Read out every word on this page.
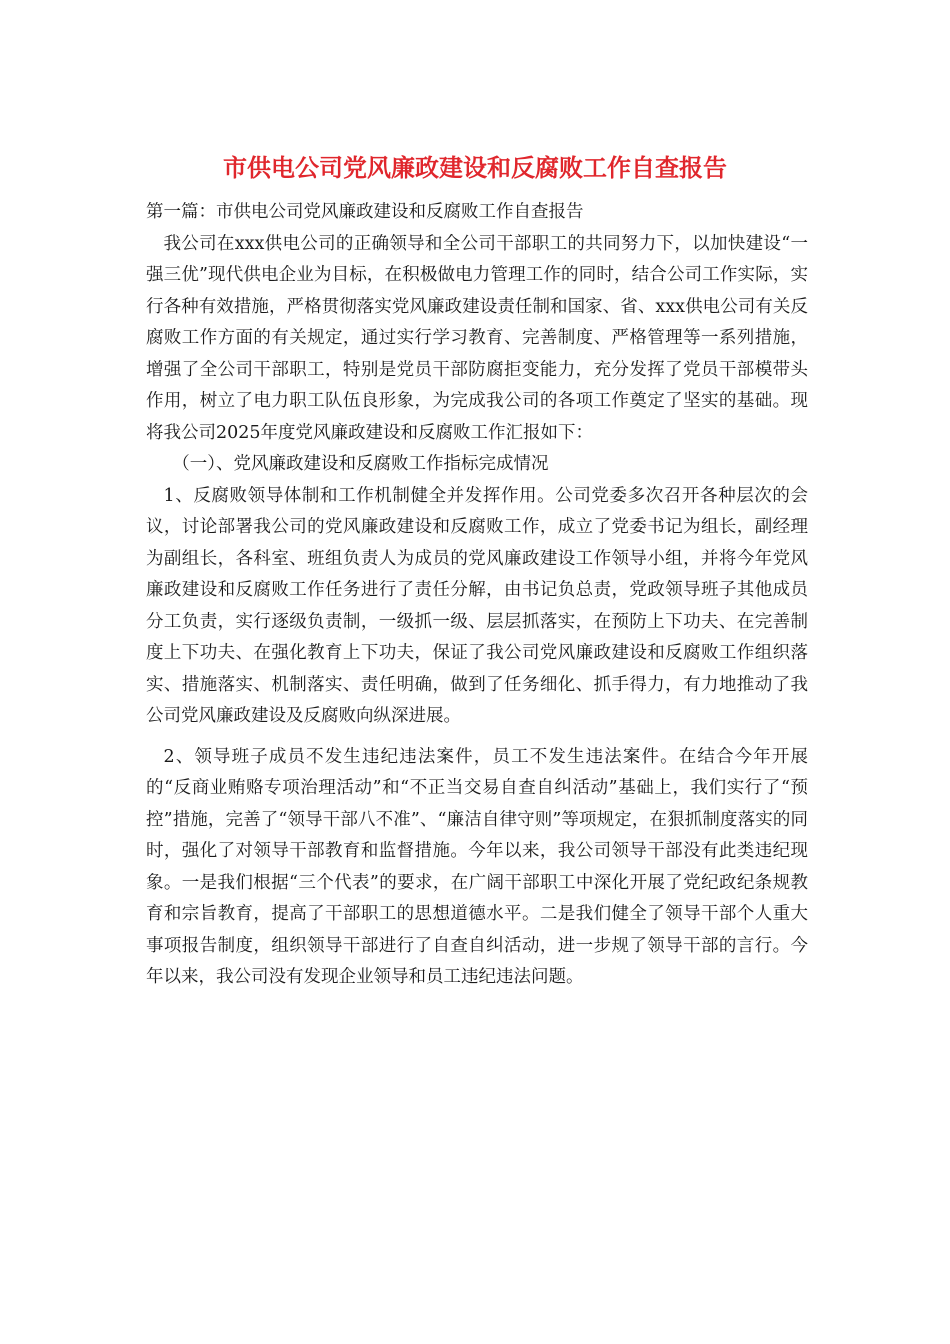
市供电公司党风廉政建设和反腐败工作自查报告

第一篇：市供电公司党风廉政建设和反腐败工作自查报告

我公司在xxx供电公司的正确领导和全公司干部职工的共同努力下，以加快建设“一强三优”现代供电企业为目标，在积极做电力管理工作的同时，结合公司工作实际，实行各种有效措施，严格贯彻落实党风廉政建设责任制和国家、省、xxx供电公司有关反腐败工作方面的有关规定，通过实行学习教育、完善制度、严格管理等一系列措施，增强了全公司干部职工，特别是党员干部防腐拒变能力，充分发挥了党员干部模带头作用，树立了电力职工队伍良形象，为完成我公司的各项工作奠定了坚实的基础。现将我公司2025年度党风廉政建设和反腐败工作汇报如下：

（一）、党风廉政建设和反腐败工作指标完成情况

1、反腐败领导体制和工作机制健全并发挥作用。公司党委多次召开各种层次的会议，讨论部署我公司的党风廉政建设和反腐败工作，成立了党委书记为组长，副经理为副组长，各科室、班组负责人为成员的党风廉政建设工作领导小组，并将今年党风廉政建设和反腐败工作任务进行了责任分解，由书记负总责，党政领导班子其他成员分工负责，实行逐级负责制，一级抓一级、层层抓落实，在预防上下功夫、在完善制度上下功夫、在强化教育上下功夫，保证了我公司党风廉政建设和反腐败工作组织落实、措施落实、机制落实、责任明确，做到了任务细化、抓手得力，有力地推动了我公司党风廉政建设及反腐败向纵深进展。

2、领导班子成员不发生违纪违法案件，员工不发生违法案件。在结合今年开展的“反商业贿赂专项治理活动”和“不正当交易自查自纠活动”基础上，我们实行了“预控”措施，完善了“领导干部八不准”、“廉洁自律守则”等项规定，在狠抓制度落实的同时，强化了对领导干部教育和监督措施。今年以来，我公司领导干部没有此类违纪现象。一是我们根据“三个代表”的要求，在广阔干部职工中深化开展了党纪政纪条规教育和宗旨教育，提高了干部职工的思想道德水平。二是我们健全了领导干部个人重大事项报告制度，组织领导干部进行了自查自纠活动，进一步规了领导干部的言行。今年以来，我公司没有发现企业领导和员工违纪违法问题。
